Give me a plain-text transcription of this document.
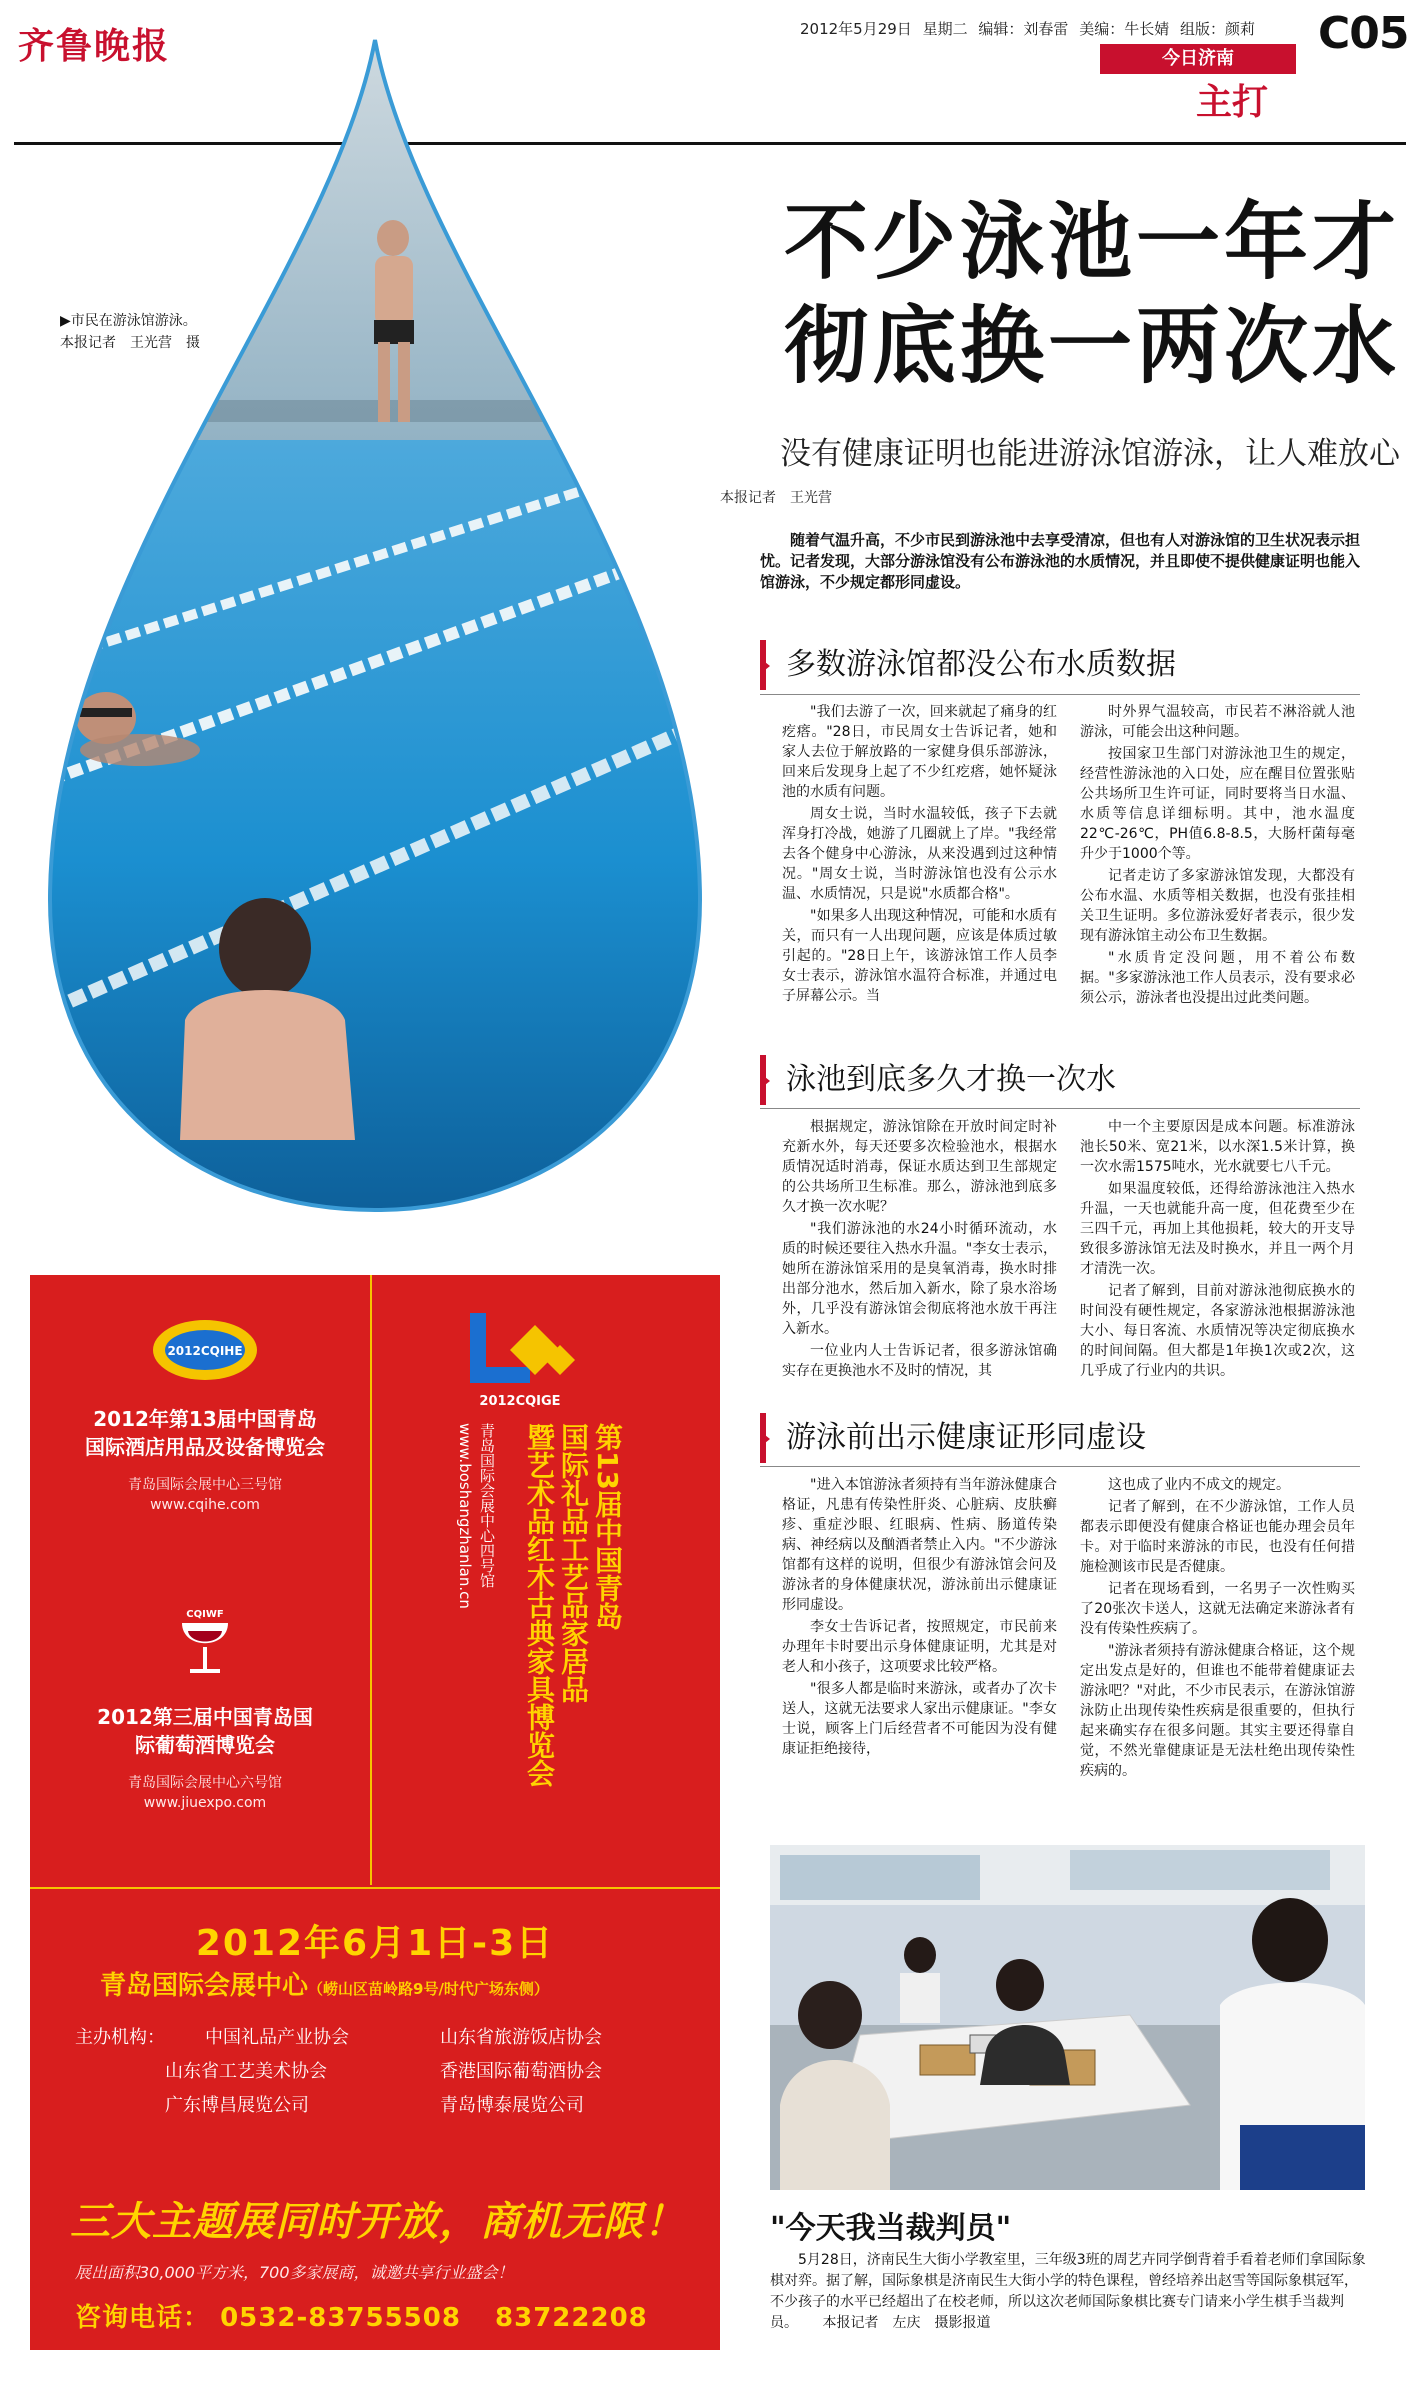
齐鲁晚报	2012年5月29日 星期二 编辑：刘春雷 美编：牛长婧 组版：颜莉 C05
今日济南
主打
▶市民在游泳馆游泳。
本报记者　王光营　摄
不少泳池一年才
彻底换一两次水
没有健康证明也能进游泳馆游泳，让人难放心
本报记者　王光营
随着气温升高，不少市民到游泳池中去享受清凉，但也有人对游泳馆的卫生状况表示担忧。记者发现，大部分游泳馆没有公布游泳池的水质情况，并且即使不提供健康证明也能入馆游泳，不少规定都形同虚设。
多数游泳馆都没公布水质数据

"我们去游了一次，回来就起了痛身的红疙瘩。"28日，市民周女士告诉记者，她和家人去位于解放路的一家健身俱乐部游泳，回来后发现身上起了不少红疙瘩，她怀疑泳池的水质有问题。

周女士说，当时水温较低，孩子下去就浑身打冷战，她游了几圈就上了岸。"我经常去各个健身中心游泳，从来没遇到过这种情况。"周女士说，当时游泳馆也没有公示水温、水质情况，只是说"水质都合格"。

"如果多人出现这种情况，可能和水质有关，而只有一人出现问题，应该是体质过敏引起的。"28日上午，该游泳馆工作人员李女士表示，游泳馆水温符合标准，并通过电子屏幕公示。当

时外界气温较高，市民若不淋浴就人池游泳，可能会出这种问题。

按国家卫生部门对游泳池卫生的规定，经营性游泳池的入口处，应在醒目位置张贴公共场所卫生许可证，同时要将当日水温、水质等信息详细标明。其中，池水温度22℃-26℃，PH值6.8-8.5，大肠杆菌每毫升少于1000个等。

记者走访了多家游泳馆发现，大都没有公布水温、水质等相关数据，也没有张挂相关卫生证明。多位游泳爱好者表示，很少发现有游泳馆主动公布卫生数据。

"水质肯定没问题，用不着公布数据。"多家游泳池工作人员表示，没有要求必须公示，游泳者也没提出过此类问题。

泳池到底多久才换一次水

根据规定，游泳馆除在开放时间定时补充新水外，每天还要多次检验池水，根据水质情况适时消毒，保证水质达到卫生部规定的公共场所卫生标准。那么，游泳池到底多久才换一次水呢？

"我们游泳池的水24小时循环流动，水质的时候还要往入热水升温。"李女士表示，她所在游泳馆采用的是臭氧消毒，换水时排出部分池水，然后加入新水，除了泉水浴场外，几乎没有游泳馆会彻底将池水放干再注入新水。

一位业内人士告诉记者，很多游泳馆确实存在更换池水不及时的情况，其

中一个主要原因是成本问题。标准游泳池长50米、宽21米，以水深1.5米计算，换一次水需1575吨水，光水就要七八千元。

如果温度较低，还得给游泳池注入热水升温，一天也就能升高一度，但花费至少在三四千元，再加上其他损耗，较大的开支导致很多游泳馆无法及时换水，并且一两个月才清洗一次。

记者了解到，目前对游泳池彻底换水的时间没有硬性规定，各家游泳池根据游泳池大小、每日客流、水质情况等决定彻底换水的时间间隔。但大都是1年换1次或2次，这几乎成了行业内的共识。

游泳前出示健康证形同虚设

"进入本馆游泳者须持有当年游泳健康合格证，凡患有传染性肝炎、心脏病、皮肤癣疹、重症沙眼、红眼病、性病、肠道传染病、神经病以及酗酒者禁止入内。"不少游泳馆都有这样的说明，但很少有游泳馆会问及游泳者的身体健康状况，游泳前出示健康证形同虚设。

李女士告诉记者，按照规定，市民前来办理年卡时要出示身体健康证明，尤其是对老人和小孩子，这项要求比较严格。

"很多人都是临时来游泳，或者办了次卡送人，这就无法要求人家出示健康证。"李女士说，顾客上门后经营者不可能因为没有健康证拒绝接待，

这也成了业内不成文的规定。

记者了解到，在不少游泳馆，工作人员都表示即便没有健康合格证也能办理会员年卡。对于临时来游泳的市民，也没有任何措施检测该市民是否健康。

记者在现场看到，一名男子一次性购买了20张次卡送人，这就无法确定来游泳者有没有传染性疾病了。

"游泳者须持有游泳健康合格证，这个规定出发点是好的，但谁也不能带着健康证去游泳吧？"对此，不少市民表示，在游泳馆游泳防止出现传染性疾病是很重要的，但执行起来确实存在很多问题。其实主要还得靠自觉，不然光靠健康证是无法杜绝出现传染性疾病的。

2012CQIHE
2012年第13届中国青岛
国际酒店用品及设备博览会
青岛国际会展中心三号馆
www.cqihe.com
CQIWF
2012第三届中国青岛国
际葡萄酒博览会
青岛国际会展中心六号馆
www.jiuexpo.com
2012CQIGE
第13届中国青岛
国际礼品工艺品家居品
暨艺术品红木古典家具博览会
青岛国际会展中心四号馆
www.boshangzhanlan.cn
2012年6月1日-3日
青岛国际会展中心（崂山区苗岭路9号/时代广场东侧）
主办机构： 中国礼品产业协会	山东省旅游饭店协会
山东省工艺美术协会	香港国际葡萄酒协会
广东博昌展览公司	青岛博泰展览公司
三大主题展同时开放，商机无限！
展出面积30,000平方米，700多家展商，诚邀共享行业盛会！
咨询电话： 0532-83755508 83722208
"今天我当裁判员"
5月28日，济南民生大街小学教室里，三年级3班的周艺卉同学倒背着手看着老师们拿国际象棋对弈。据了解，国际象棋是济南民生大街小学的特色课程，曾经培养出赵雪等国际象棋冠军，不少孩子的水平已经超出了在校老师，所以这次老师国际象棋比赛专门请来小学生棋手当裁判员。 本报记者　左庆　摄影报道
